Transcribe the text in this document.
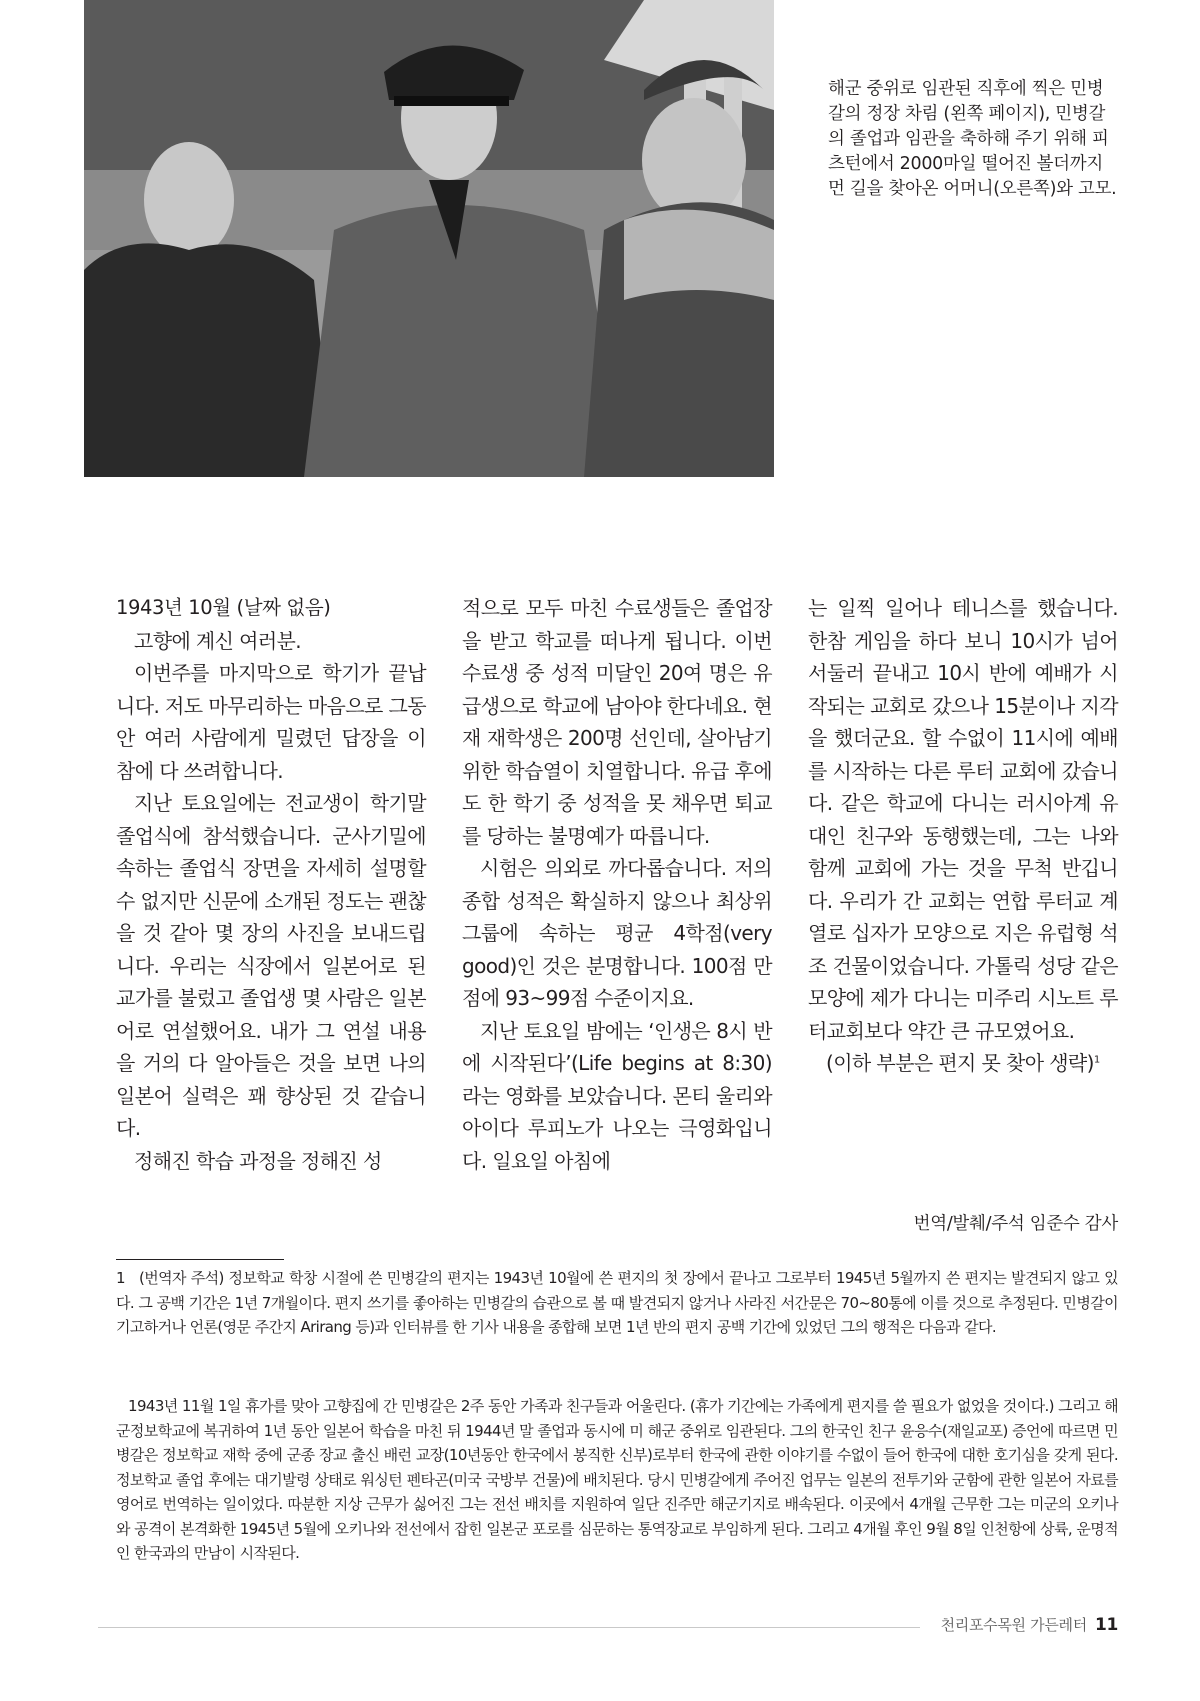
해군 중위로 임관된 직후에 찍은 민병갈의 정장 차림 (왼쪽 페이지), 민병갈의 졸업과 임관을 축하해 주기 위해 피츠턴에서 2000마일 떨어진 볼더까지 먼 길을 찾아온 어머니(오른쪽)와 고모.

1943년 10월 (날짜 없음)

고향에 계신 여러분.

이번주를 마지막으로 학기가 끝납니다. 저도 마무리하는 마음으로 그동안 여러 사람에게 밀렸던 답장을 이 참에 다 쓰려합니다.

지난 토요일에는 전교생이 학기말 졸업식에 참석했습니다. 군사기밀에 속하는 졸업식 장면을 자세히 설명할 수 없지만 신문에 소개된 정도는 괜찮을 것 같아 몇 장의 사진을 보내드립니다. 우리는 식장에서 일본어로 된 교가를 불렀고 졸업생 몇 사람은 일본어로 연설했어요. 내가 그 연설 내용을 거의 다 알아들은 것을 보면 나의 일본어 실력은 꽤 향상된 것 같습니다.

정해진 학습 과정을 정해진 성

적으로 모두 마친 수료생들은 졸업장을 받고 학교를 떠나게 됩니다. 이번 수료생 중 성적 미달인 20여 명은 유급생으로 학교에 남아야 한다네요. 현재 재학생은 200명 선인데, 살아남기 위한 학습열이 치열합니다. 유급 후에도 한 학기 중 성적을 못 채우면 퇴교를 당하는 불명예가 따릅니다.

시험은 의외로 까다롭습니다. 저의 종합 성적은 확실하지 않으나 최상위 그룹에 속하는 평균 4학점(very good)인 것은 분명합니다. 100점 만점에 93~99점 수준이지요.

지난 토요일 밤에는 ‘인생은 8시 반에 시작된다’(Life begins at 8:30)라는 영화를 보았습니다. 몬티 울리와 아이다 루피노가 나오는 극영화입니다. 일요일 아침에

는 일찍 일어나 테니스를 했습니다. 한참 게임을 하다 보니 10시가 넘어 서둘러 끝내고 10시 반에 예배가 시작되는 교회로 갔으나 15분이나 지각을 했더군요. 할 수없이 11시에 예배를 시작하는 다른 루터 교회에 갔습니다. 같은 학교에 다니는 러시아계 유대인 친구와 동행했는데, 그는 나와 함께 교회에 가는 것을 무척 반깁니다. 우리가 간 교회는 연합 루터교 계열로 십자가 모양으로 지은 유럽형 석조 건물이었습니다. 가톨릭 성당 같은 모양에 제가 다니는 미주리 시노트 루터교회보다 약간 큰 규모였어요.

(이하 부분은 편지 못 찾아 생략)$^1$

번역/발췌/주석 임준수 감사

1 (번역자 주석) 정보학교 학창 시절에 쓴 민병갈의 편지는 1943년 10월에 쓴 편지의 첫 장에서 끝나고 그로부터 1945년 5월까지 쓴 편지는 발견되지 않고 있다. 그 공백 기간은 1년 7개월이다. 편지 쓰기를 좋아하는 민병갈의 습관으로 볼 때 발견되지 않거나 사라진 서간문은 70~80통에 이를 것으로 추정된다. 민병갈이 기고하거나 언론(영문 주간지 Arirang 등)과 인터뷰를 한 기사 내용을 종합해 보면 1년 반의 편지 공백 기간에 있었던 그의 행적은 다음과 같다.

1943년 11월 1일 휴가를 맞아 고향집에 간 민병갈은 2주 동안 가족과 친구들과 어울린다. (휴가 기간에는 가족에게 편지를 쓸 필요가 없었을 것이다.) 그리고 해군정보학교에 복귀하여 1년 동안 일본어 학습을 마친 뒤 1944년 말 졸업과 동시에 미 해군 중위로 임관된다. 그의 한국인 친구 윤응수(재일교포) 증언에 따르면 민병갈은 정보학교 재학 중에 군종 장교 출신 배런 교장(10년동안 한국에서 봉직한 신부)로부터 한국에 관한 이야기를 수없이 들어 한국에 대한 호기심을 갖게 된다. 정보학교 졸업 후에는 대기발령 상태로 워싱턴 펜타곤(미국 국방부 건물)에 배치된다. 당시 민병갈에게 주어진 업무는 일본의 전투기와 군함에 관한 일본어 자료를 영어로 번역하는 일이었다. 따분한 지상 근무가 싫어진 그는 전선 배치를 지원하여 일단 진주만 해군기지로 배속된다. 이곳에서 4개월 근무한 그는 미군의 오키나와 공격이 본격화한 1945년 5월에 오키나와 전선에서 잡힌 일본군 포로를 심문하는 통역장교로 부임하게 된다. 그리고 4개월 후인 9월 8일 인천항에 상륙, 운명적인 한국과의 만남이 시작된다.

천리포수목원 가든레터 11
